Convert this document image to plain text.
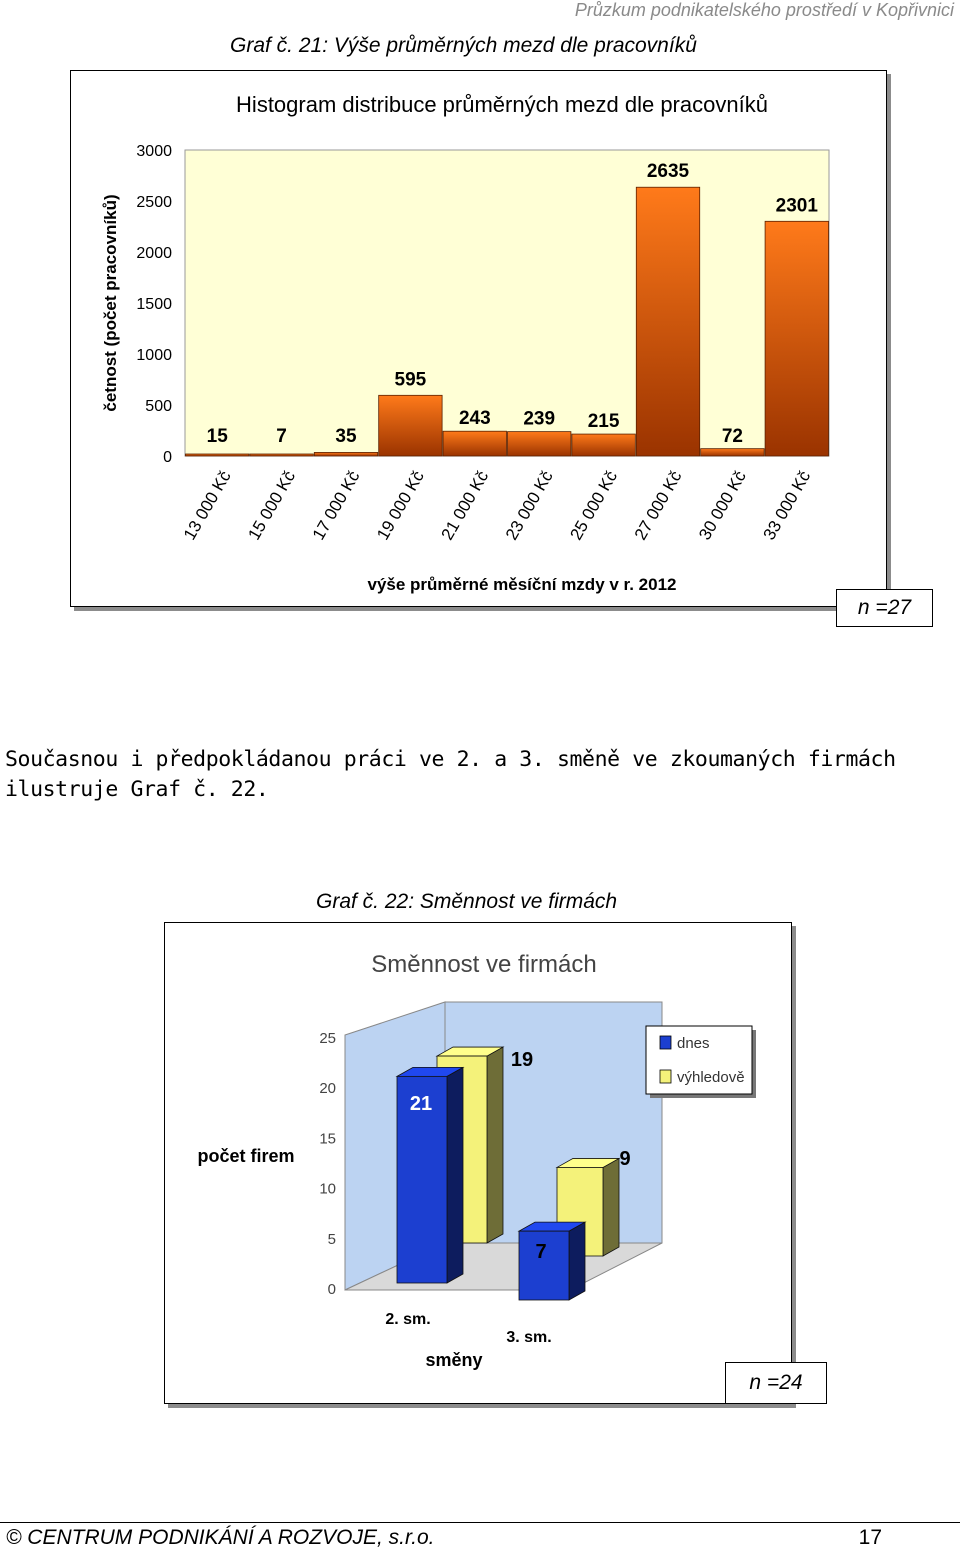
Průzkum podnikatelského prostředí v Kopřivnici
Graf č. 21: Výše průměrných mezd dle pracovníků
Histogram distribuce průměrných mezd dle pracovníků
0
500
1000
1500
2000
2500
3000
četnost (počet pracovníků)
15
13 000 Kč
7
15 000 Kč
35
17 000 Kč
595
19 000 Kč
243
21 000 Kč
239
23 000 Kč
215
25 000 Kč
2635
27 000 Kč
72
30 000 Kč
2301
33 000 Kč
výše průměrné měsíční mzdy v r. 2012
n =27
Současnou i předpokládanou práci ve 2. a 3. směně ve zkoumaných firmách ilustruje Graf č. 22.
Graf č. 22: Směnnost ve firmách
Směnnost ve firmách
0
5
10
15
20
25
počet firem
21
7
19
9
2. sm.
3. sm.
směny
dnes
výhledově
n =24
© CENTRUM PODNIKÁNÍ A ROZVOJE, s.r.o.	17
